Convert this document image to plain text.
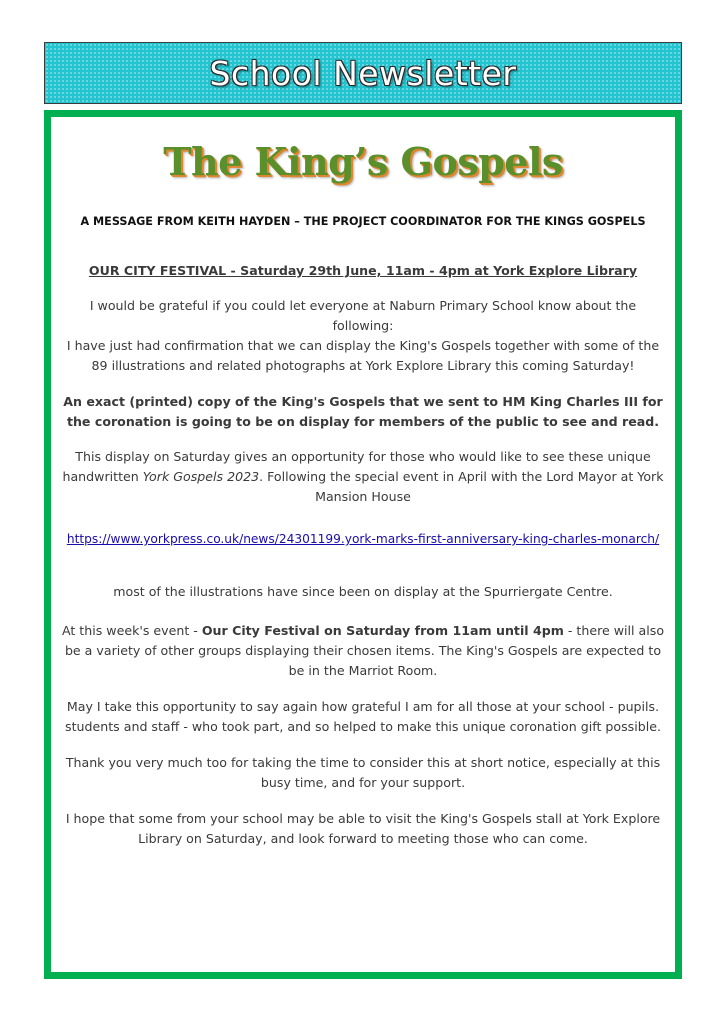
School Newsletter
The King’s Gospels

A MESSAGE FROM KEITH HAYDEN – THE PROJECT COORDINATOR FOR THE KINGS GOSPELS

OUR CITY FESTIVAL - Saturday 29th June, 11am - 4pm at York Explore Library

I would be grateful if you could let everyone at Naburn Primary School know about the following:

I have just had confirmation that we can display the King's Gospels together with some of the 89 illustrations and related photographs at York Explore Library this coming Saturday!

An exact (printed) copy of the King's Gospels that we sent to HM King Charles III for the coronation is going to be on display for members of the public to see and read.

This display on Saturday gives an opportunity for those who would like to see these unique handwritten York Gospels 2023. Following the special event in April with the Lord Mayor at York Mansion House

https://www.yorkpress.co.uk/news/24301199.york-marks-first-anniversary-king-charles-monarch/

most of the illustrations have since been on display at the Spurriergate Centre.

At this week's event - Our City Festival on Saturday from 11am until 4pm - there will also be a variety of other groups displaying their chosen items. The King's Gospels are expected to be in the Marriot Room.

May I take this opportunity to say again how grateful I am for all those at your school - pupils. students and staff - who took part, and so helped to make this unique coronation gift possible.

Thank you very much too for taking the time to consider this at short notice, especially at this busy time, and for your support.

I hope that some from your school may be able to visit the King's Gospels stall at York Explore Library on Saturday, and look forward to meeting those who can come.
